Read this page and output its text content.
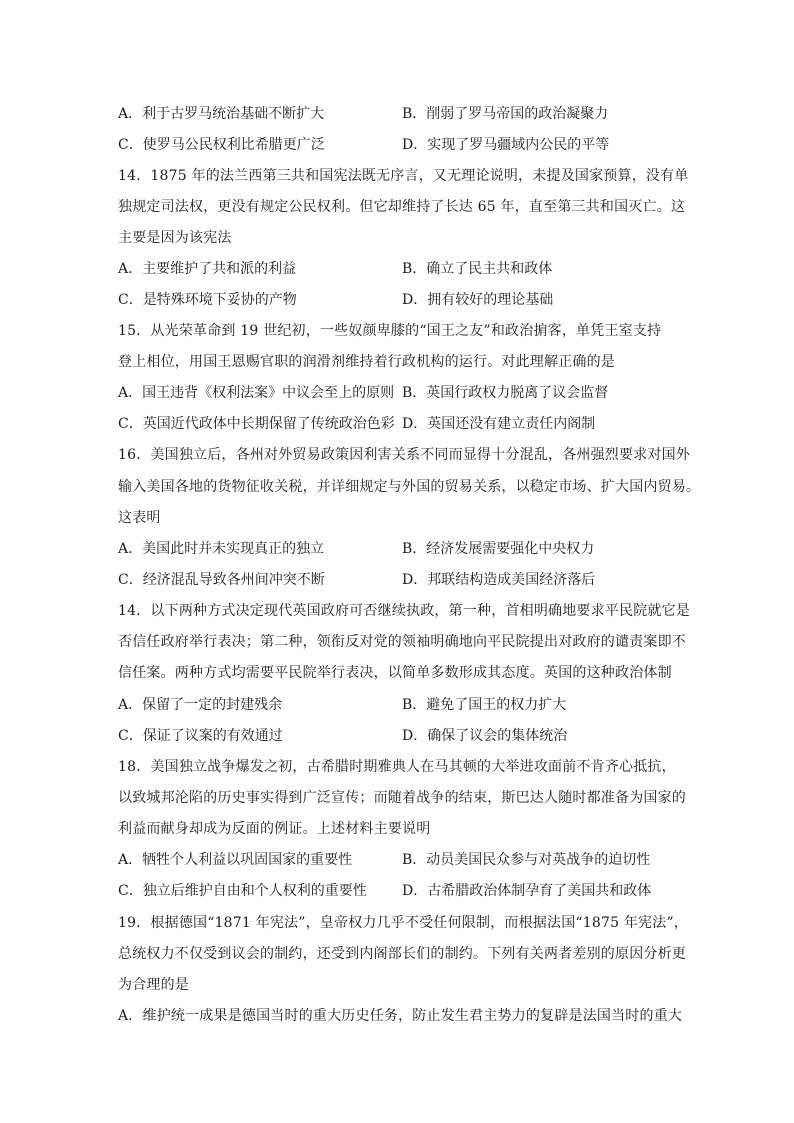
A．利于古罗马统治基础不断扩大	B．削弱了罗马帝国的政治凝聚力
C．使罗马公民权利比希腊更广泛	D．实现了罗马疆域内公民的平等
14．1875 年的法兰西第三共和国宪法既无序言，又无理论说明，未提及国家预算，没有单
独规定司法权，更没有规定公民权利。但它却维持了长达 65 年，直至第三共和国灭亡。这
主要是因为该宪法
A．主要维护了共和派的利益	B．确立了民主共和政体
C．是特殊环境下妥协的产物	D．拥有较好的理论基础
15．从光荣革命到 19 世纪初，一些奴颜卑膝的“国王之友”和政治掮客，单凭王室支持
登上相位，用国王恩赐官职的润滑剂维持着行政机构的运行。对此理解正确的是
A．国王违背《权利法案》中议会至上的原则 B．英国行政权力脱离了议会监督
C．英国近代政体中长期保留了传统政治色彩 D．英国还没有建立责任内阁制
16．美国独立后，各州对外贸易政策因利害关系不同而显得十分混乱，各州强烈要求对国外
输入美国各地的货物征收关税，并详细规定与外国的贸易关系，以稳定市场、扩大国内贸易。
这表明
A．美国此时并未实现真正的独立	B．经济发展需要强化中央权力
C．经济混乱导致各州间冲突不断	D．邦联结构造成美国经济落后
14．以下两种方式决定现代英国政府可否继续执政，第一种，首相明确地要求平民院就它是
否信任政府举行表决；第二种，领衔反对党的领袖明确地向平民院提出对政府的谴责案即不
信任案。两种方式均需要平民院举行表决，以简单多数形成其态度。英国的这种政治体制
A．保留了一定的封建残余	B．避免了国王的权力扩大
C．保证了议案的有效通过	D．确保了议会的集体统治
18．美国独立战争爆发之初，古希腊时期雅典人在马其顿的大举进攻面前不肯齐心抵抗，
以致城邦沦陷的历史事实得到广泛宣传；而随着战争的结束，斯巴达人随时都准备为国家的
利益而献身却成为反面的例证。上述材料主要说明
A．牺牲个人利益以巩固国家的重要性	B．动员美国民众参与对英战争的迫切性
C．独立后维护自由和个人权利的重要性	D．古希腊政治体制孕育了美国共和政体
19．根据德国“1871 年宪法”，皇帝权力几乎不受任何限制，而根据法国“1875 年宪法”，
总统权力不仅受到议会的制约，还受到内阁部长们的制约。下列有关两者差别的原因分析更
为合理的是
A．维护统一成果是德国当时的重大历史任务，防止发生君主势力的复辟是法国当时的重大
